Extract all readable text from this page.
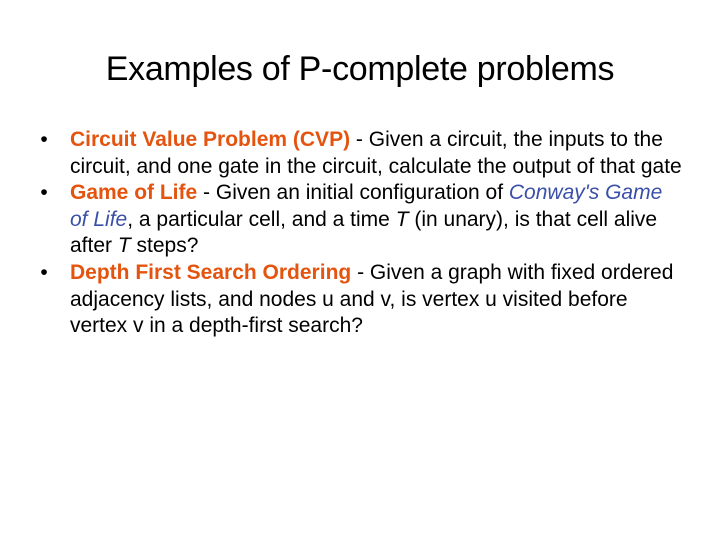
Examples of P-complete problems
•	Circuit Value Problem (CVP) - Given a circuit, the inputs to the circuit, and one gate in the circuit, calculate the output of that gate
•	Game of Life - Given an initial configuration of Conway's Game of Life, a particular cell, and a time T (in unary), is that cell alive after T steps?
•	Depth First Search Ordering - Given a graph with fixed ordered adjacency lists, and nodes u and v, is vertex u visited before vertex v in a depth-first search?
